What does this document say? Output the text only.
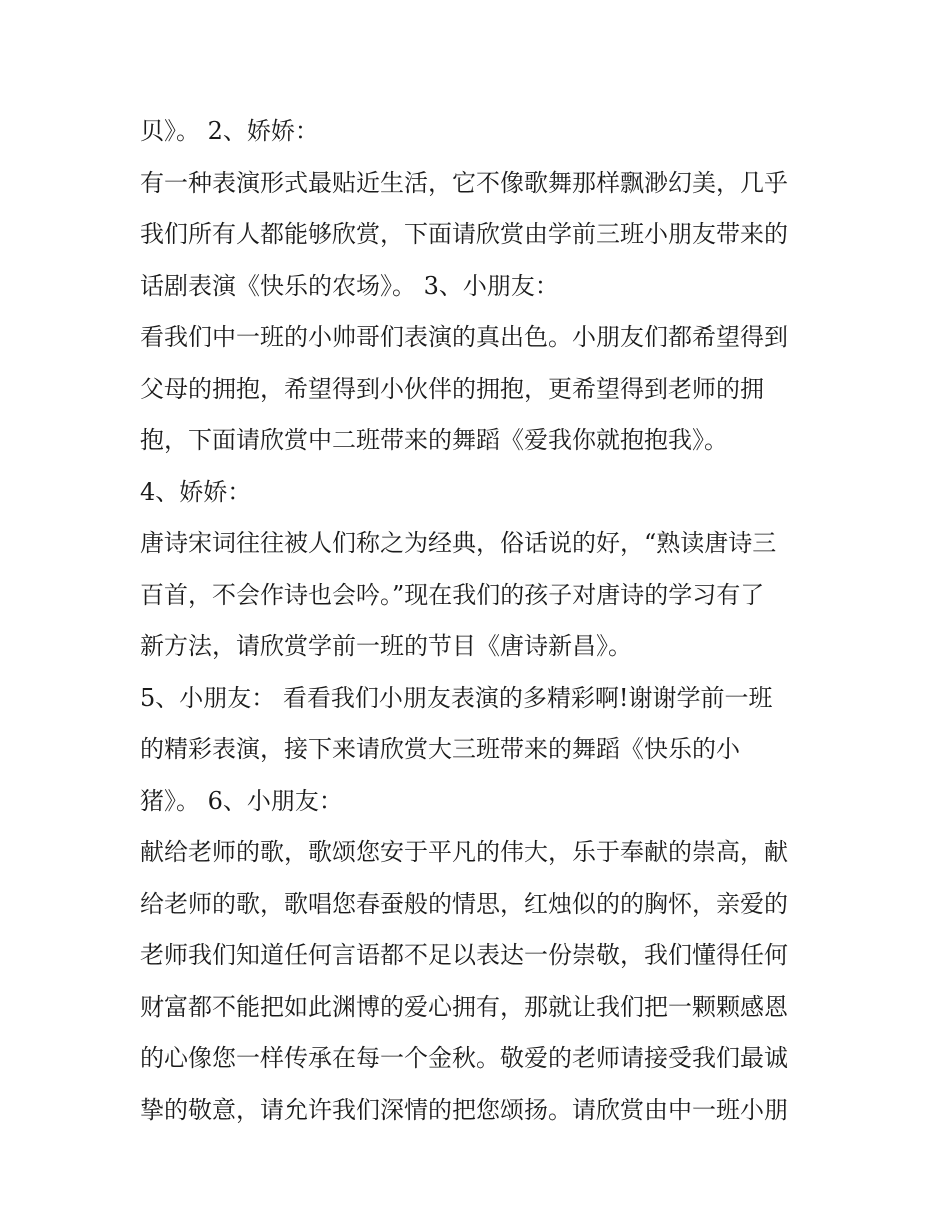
贝》。 2、娇娇：
有一种表演形式最贴近生活，它不像歌舞那样飘渺幻美，几乎
我们所有人都能够欣赏，下面请欣赏由学前三班小朋友带来的
话剧表演《快乐的农场》。 3、小朋友：
看我们中一班的小帅哥们表演的真出色。小朋友们都希望得到
父母的拥抱，希望得到小伙伴的拥抱，更希望得到老师的拥
抱，下面请欣赏中二班带来的舞蹈《爱我你就抱抱我》。
4、娇娇：
唐诗宋词往往被人们称之为经典，俗话说的好，“熟读唐诗三
百首，不会作诗也会吟。”现在我们的孩子对唐诗的学习有了
新方法，请欣赏学前一班的节目《唐诗新昌》。
5、小朋友： 看看我们小朋友表演的多精彩啊!谢谢学前一班
的精彩表演，接下来请欣赏大三班带来的舞蹈《快乐的小
猪》。 6、小朋友：
献给老师的歌，歌颂您安于平凡的伟大，乐于奉献的崇高，献
给老师的歌，歌唱您春蚕般的情思，红烛似的的胸怀，亲爱的
老师我们知道任何言语都不足以表达一份崇敬，我们懂得任何
财富都不能把如此渊博的爱心拥有，那就让我们把一颗颗感恩
的心像您一样传承在每一个金秋。敬爱的老师请接受我们最诚
挚的敬意，请允许我们深情的把您颂扬。请欣赏由中一班小朋
